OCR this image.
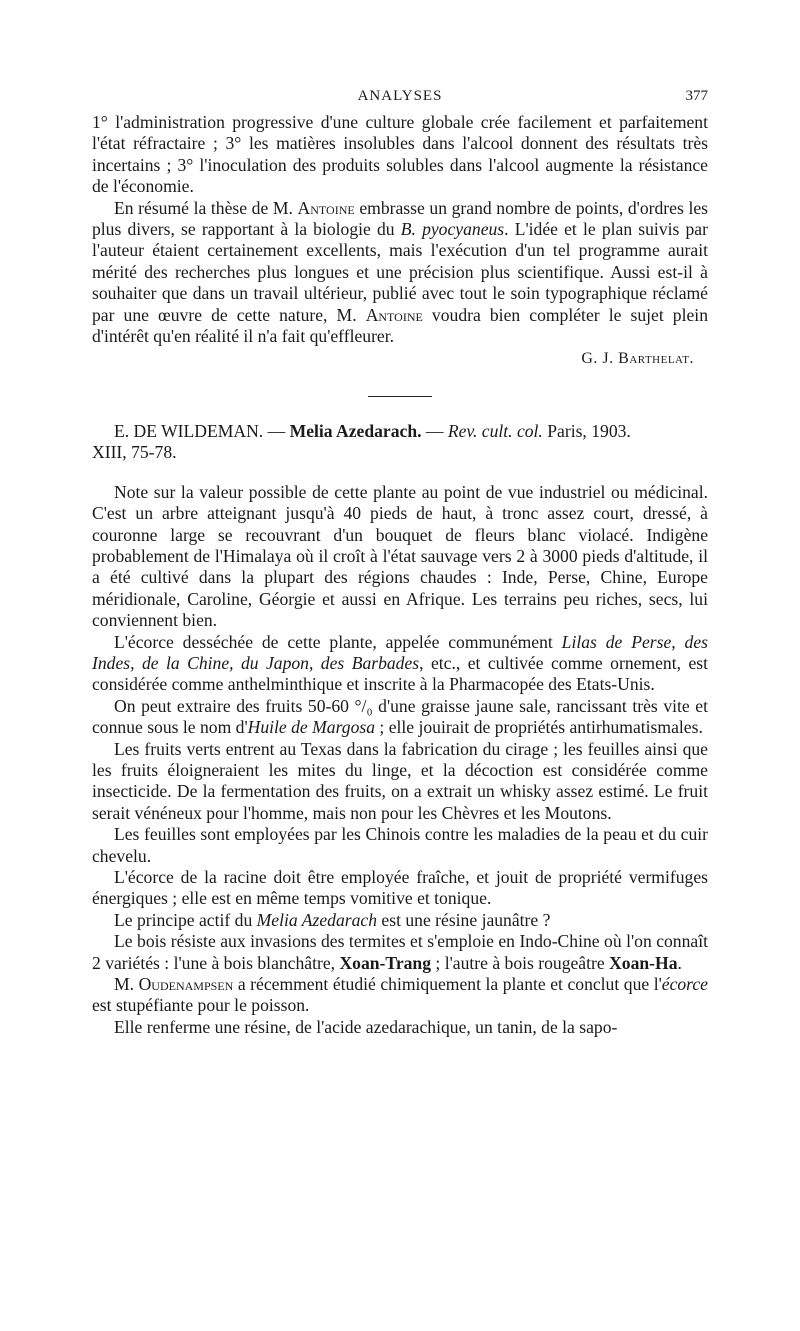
ANALYSES	377

1° l'administration progressive d'une culture globale crée facilement et parfaitement l'état réfractaire ; 3° les matières insolubles dans l'alcool donnent des résultats très incertains ; 3° l'inoculation des produits solubles dans l'alcool augmente la résistance de l'économie.

En résumé la thèse de M. Antoine embrasse un grand nombre de points, d'ordres les plus divers, se rapportant à la biologie du B. pyocyaneus. L'idée et le plan suivis par l'auteur étaient certainement excellents, mais l'exécution d'un tel programme aurait mérité des recherches plus longues et une précision plus scientifique. Aussi est-il à souhaiter que dans un travail ultérieur, publié avec tout le soin typographique réclamé par une œuvre de cette nature, M. Antoine voudra bien compléter le sujet plein d'intérêt qu'en réalité il n'a fait qu'effleurer.

G. J. Barthelat.

E. DE WILDEMAN. — Melia Azedarach. — Rev. cult. col. Paris, 1903.
XIII, 75-78.

Note sur la valeur possible de cette plante au point de vue industriel ou médicinal. C'est un arbre atteignant jusqu'à 40 pieds de haut, à tronc assez court, dressé, à couronne large se recouvrant d'un bouquet de fleurs blanc violacé. Indigène probablement de l'Himalaya où il croît à l'état sauvage vers 2 à 3000 pieds d'altitude, il a été cultivé dans la plupart des régions chaudes : Inde, Perse, Chine, Europe méridionale, Caroline, Géorgie et aussi en Afrique. Les terrains peu riches, secs, lui conviennent bien.

L'écorce desséchée de cette plante, appelée communément Lilas de Perse, des Indes, de la Chine, du Japon, des Barbades, etc., et cultivée comme ornement, est considérée comme anthelminthique et inscrite à la Pharmacopée des Etats-Unis.

On peut extraire des fruits 50-60 °/₀ d'une graisse jaune sale, rancissant très vite et connue sous le nom d'Huile de Margosa ; elle jouirait de propriétés antirhumatismales.

Les fruits verts entrent au Texas dans la fabrication du cirage ; les feuilles ainsi que les fruits éloigneraient les mites du linge, et la décoction est considérée comme insecticide. De la fermentation des fruits, on a extrait un whisky assez estimé. Le fruit serait vénéneux pour l'homme, mais non pour les Chèvres et les Moutons.

Les feuilles sont employées par les Chinois contre les maladies de la peau et du cuir chevelu.

L'écorce de la racine doit être employée fraîche, et jouit de propriété vermifuges énergiques ; elle est en même temps vomitive et tonique.

Le principe actif du Melia Azedarach est une résine jaunâtre ?

Le bois résiste aux invasions des termites et s'emploie en Indo-Chine où l'on connaît 2 variétés : l'une à bois blanchâtre, Xoan-Trang ; l'autre à bois rougeâtre Xoan-Ha.

M. Oudenampsen a récemment étudié chimiquement la plante et conclut que l'écorce est stupéfiante pour le poisson.

Elle renferme une résine, de l'acide azedarachique, un tanin, de la sapo-
